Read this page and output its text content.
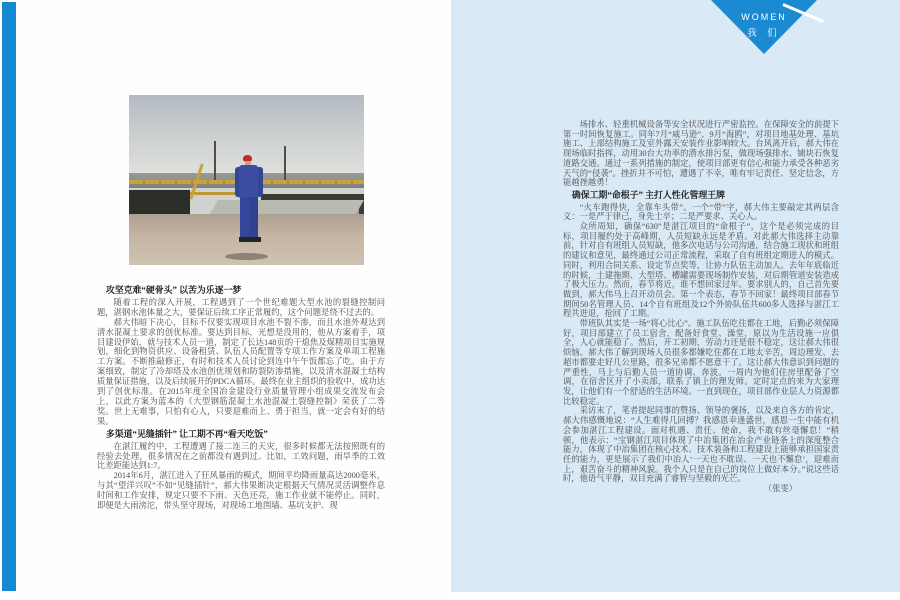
攻坚克难“硬骨头” 以苦为乐逐一梦

随着工程的深入开展，工程遇到了一个世纪难题大型水池的裂缝控制问题，湛钢水池体量之大，要保证后续工序正常履约，这个问题是绕不过去的。

郝大伟暗下决心，目标不仅要实现项目水池不裂不渗，而且水池外观达到清水混凝土要求的创优标准。要达到目标，光想是没用的，他从方案着手，项目建设伊始，就与技术人员一道，制定了长达148页的干熄焦及煤精项目实施规划，细化到物资供应、设备租赁、队伍人员配置等专项工作方案及单项工程施工方案。不断推敲修正，有时和技术人员讨论到连中午午饭都忘了吃。由于方案细致，制定了冷却塔及水池创优规划和防裂防渗措施，以及清水混凝土结构质量保证措施，以及后续展开的PDCA循环。最终在业主组织的验收中，成功达到了创优标准。在2015年度全国冶金建设行业质量管理小组成果交流发布会上，以此方案为蓝本的《大型钢筋混凝土水池混凝土裂缝控制》荣获了二等奖。世上无难事，只怕有心人，只要迎难而上、勇于担当，就一定会有好的结果。

多渠道“见缝插针” 让工期不再“看天吃饭”

在湛江履约中，工程遭遇了接二连三的天灾，很多时候都无法按照既有的经验去处理，很多情况在之前都没有遇到过。比如，工效问题，雨旱季的工效比差距能达到1:7。

2014年6月，湛江进入了狂风暴雨的模式，期间平均降雨量高达2000毫米，与其“望洋兴叹”不如“见缝插针”，郝大伟果断决定根据天气情况灵活调整作息时间和工作安排，规定只要不下雨、天色还亮，施工作业就不能停止。同时，即便是大雨滂沱，带头坚守现场，对现场工地围墙、基坑支护、现

WOMEN
我 们

场排水、轻重机械设备等安全状况进行严密监控。在保障安全的前提下第一时间恢复施工。同年7月“威马逊”、9月“海鸥”，对项目地基处理、基坑施工、上部结构施工及室外露天安装作业影响较大。台风离开后，郝大伟在现场临时指挥，动用30台大功率的潜水排污泵，做现场强排水、铺块石恢复道路交通。通过一系列措施的制定，使项目部更有信心和能力承受各种恶劣天气的“侵袭”。挫折并不可怕，遭遇了不幸，唯有牢记责任、坚定信念，方能越挫越勇！

确保工期“命根子” 主打人性化管理王牌

“火车跑得快，全靠车头带”。一个“带”字，郝大伟主要敲定其两层含义：一是严于律己，身先士卒；二是严要求、关心人。

众所周知，确保“630”是湛江项目的“命根子”，这个是必须完成的目标，项目履约处于高峰期，人员短缺永远是矛盾。对此郝大伟选择主动靠前，针对自有班组人员短缺，他多次电话与公司沟通，结合施工现状和班组的建议和意见，最终通过公司正常流程，采取了自有班组定期进人的模式。同时，利用合同关系、设定节点奖等，让协力队伍主动加人。去年年底临近的时候，土建拖期、大型塔、槽罐需要现场制作安装，对后期管道安装造成了极大压力。然而，春节将近，谁不想回家过年。要求别人的，自己首先要做到，郝大伟马上召开动员会。第一个表态，春节不回家！最终项目部春节期间50名管理人员、14个自有班组及12个外协队伍共600多人选择与湛江工程共进退，抢回了工期。

带班队其实是一场“将心比心”。施工队伍吃住都在工地，后勤必须保障好，项目部建立了员工宿舍，配备好食堂、澡堂，原以为生活设施一应俱全，人心就能稳了。然后，开工初期，劳动力还是很不稳定，这让郝大伟很烦恼。郝大伟了解到现场人员很多都嫌吃住都在工地太辛苦，周边理发、去超市都要走好几公里路，很多兄弟都不愿意干了。这让郝大伟意识到问题的严重性，马上与后勤人员一道协调、奔波。一周内为他们住房里配备了空调，在宿舍区开了小卖部，联系了镇上的理发师。定时定点的来为大家理发，让他们有一个舒适的生活环境。一直到现在，项目部作业层人力资源都比较稳定。

采访末了，笔者提起同事的赞扬、领导的褒扬，以及来自各方的肯定，郝大伟感慨地说：“人生难得几回搏？我感恩幸逢盛世，感恩一生中能有机会参加湛江工程建设。面对机遇、责任、使命，我不敢有丝毫懈怠！”稍顿，他表示：“宝钢湛江项目体现了中冶集团在冶金产业链条上的深度整合能力，体现了中冶集团在核心技术、技术装备和工程建设上能够承担国家责任的能力，更是展示了我们中冶人‘一天也不耽误、一天也不懈怠’，迎难而上，艰苦奋斗的精神风貌。我个人只是在自己的岗位上做好本分。”说这些话时，他语气平静，双目充满了睿智与坚毅的光芒。

（张雯）
